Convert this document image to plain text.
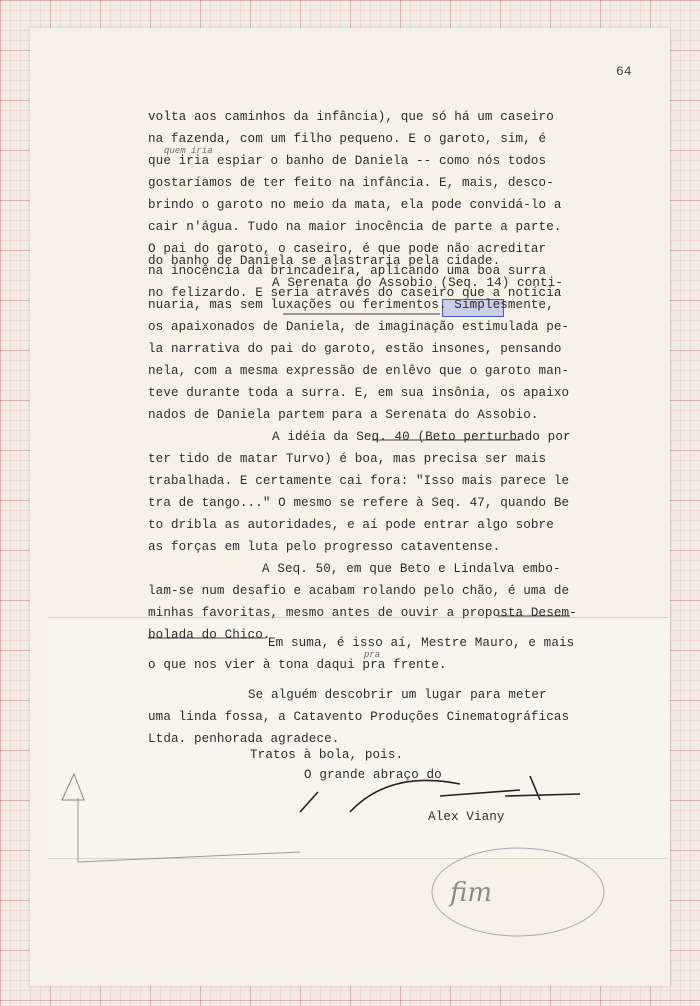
64
volta aos caminhos da infância), que só há um caseiro
na fazenda, com um filho pequeno. E o garoto, sim, é
que iria espiar o banho de Daniela -- como nós todos
gostaríamos de ter feito na infância. E, mais, desco-
brindo o garoto no meio da mata, ela pode convidá-lo a
cair n'água. Tudo na maior inocência de parte a parte.
O pai do garoto, o caseiro, é que pode não acreditar
na inocência da brincadeira, aplicando uma boa surra
no felizardo. E seria através do caseiro que a notícia
do banho de Daniela se alastraria pela cidade.
A Serenata do Assobio (Seq. 14) conti-
nuaria, mas sem luxações ou ferimentos. Simplesmente,
os apaixonados de Daniela, de imaginação estimulada pe-
la narrativa do pai do garoto, estão insones, pensando
nela, com a mesma expressão de enlêvo que o garoto man-
teve durante toda a surra. E, em sua insônia, os apaixo
nados de Daniela partem para a Serenata do Assobio.
A idéia da Seq. 40 (Beto perturbado por
ter tido de matar Turvo) é boa, mas precisa ser mais
trabalhada. E certamente cai fora: "Isso mais parece le
tra de tango..." O mesmo se refere à Seq. 47, quando Be
to dribla as autoridades, e aí pode entrar algo sobre
as forças em luta pelo progresso cataventense.
A Seq. 50, em que Beto e Lindalva embo-
lam-se num desafio e acabam rolando pelo chão, é uma de
Em suma, é isso aí, Mestre Mauro, e mais
o que nos vier à tona daqui pra frente.
Se alguém descobrir um lugar para meter
uma linda fossa, a Catavento Produções Cinematográficas
Ltda. penhorada agradece.
Tratos à bola, pois.
O grande abraço do
Alex Viany
quem iria
pra
fim
minhas favoritas, mesmo antes de ouvir a proposta Desem-
bolada do Chico.
